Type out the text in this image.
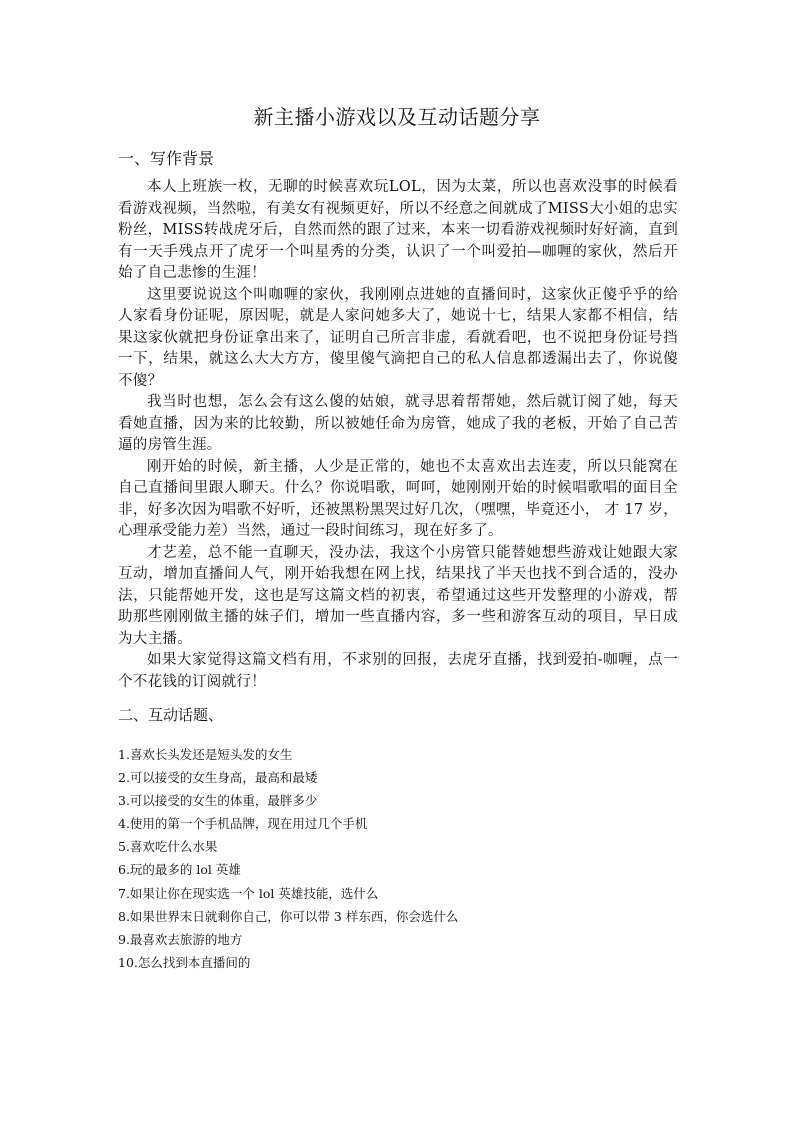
新主播小游戏以及互动话题分享
一、写作背景

本人上班族一枚，无聊的时候喜欢玩LOL，因为太菜，所以也喜欢没事的时候看看游戏视频，当然啦，有美女有视频更好，所以不经意之间就成了MISS大小姐的忠实粉丝，MISS转战虎牙后，自然而然的跟了过来，本来一切看游戏视频时好好滴，直到有一天手残点开了虎牙一个叫星秀的分类，认识了一个叫爱拍—咖喱的家伙，然后开始了自己悲惨的生涯！

这里要说说这个叫咖喱的家伙，我刚刚点进她的直播间时，这家伙正傻乎乎的给人家看身份证呢，原因呢，就是人家问她多大了，她说十七，结果人家都不相信，结果这家伙就把身份证拿出来了，证明自己所言非虚，看就看吧，也不说把身份证号挡一下，结果，就这么大大方方，傻里傻气滴把自己的私人信息都透漏出去了，你说傻不傻？

我当时也想，怎么会有这么傻的姑娘，就寻思着帮帮她，然后就订阅了她，每天看她直播，因为来的比较勤，所以被她任命为房管，她成了我的老板，开始了自己苦逼的房管生涯。

刚开始的时候，新主播，人少是正常的，她也不太喜欢出去连麦，所以只能窝在自己直播间里跟人聊天。什么？你说唱歌，呵呵，她刚刚开始的时候唱歌唱的面目全非，好多次因为唱歌不好听，还被黑粉黑哭过好几次，（嘿嘿，毕竟还小， 才 17 岁，心理承受能力差）当然，通过一段时间练习，现在好多了。

才艺差，总不能一直聊天，没办法，我这个小房管只能替她想些游戏让她跟大家互动，增加直播间人气，刚开始我想在网上找，结果找了半天也找不到合适的，没办法，只能帮她开发，这也是写这篇文档的初衷，希望通过这些开发整理的小游戏，帮助那些刚刚做主播的妹子们，增加一些直播内容，多一些和游客互动的项目，早日成为大主播。

如果大家觉得这篇文档有用，不求别的回报，去虎牙直播，找到爱拍-咖喱，点一个不花钱的订阅就行！

二、互动话题、
1.喜欢长头发还是短头发的女生
2.可以接受的女生身高，最高和最矮
3.可以接受的女生的体重，最胖多少
4.使用的第一个手机品牌，现在用过几个手机
5.喜欢吃什么水果
6.玩的最多的 lol 英雄
7.如果让你在现实选一个 lol 英雄技能，选什么
8.如果世界末日就剩你自己，你可以带 3 样东西，你会选什么
9.最喜欢去旅游的地方
10.怎么找到本直播间的
